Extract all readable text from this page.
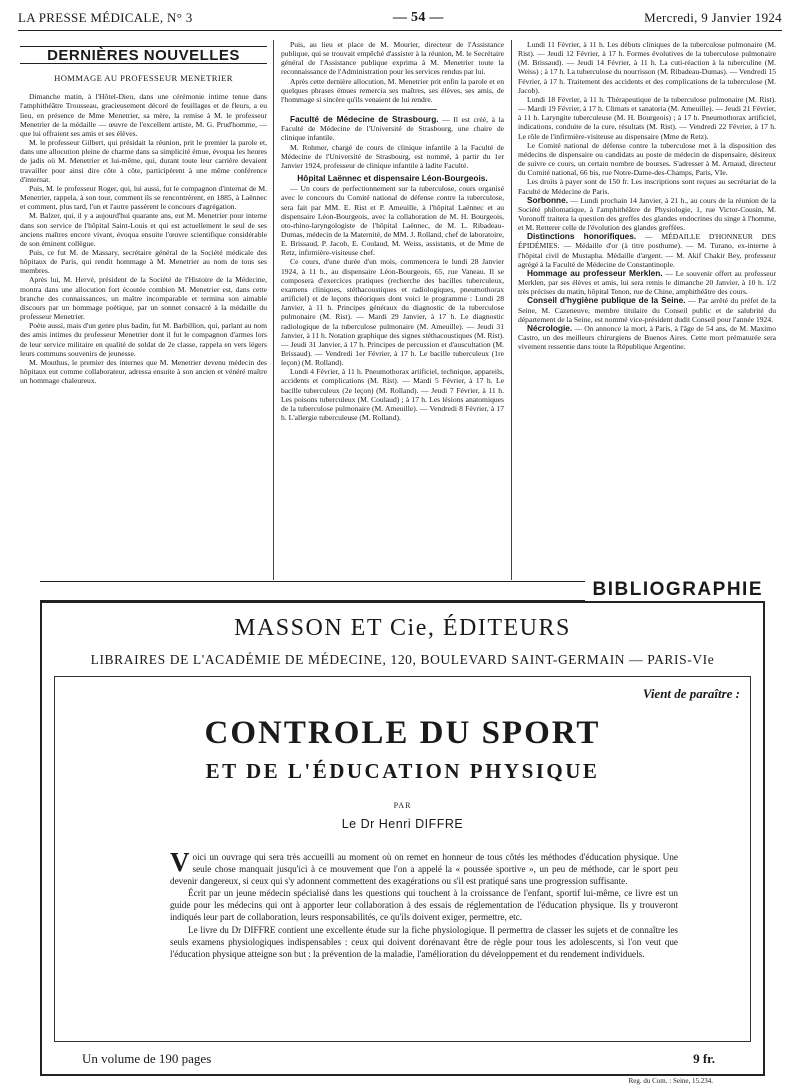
LA PRESSE MÉDICALE, N° 3	— 54 —	Mercredi, 9 Janvier 1924
DERNIÈRES NOUVELLES
HOMMAGE AU PROFESSEUR MENETRIER

Dimanche matin, à l'Hôtel-Dieu, dans une cérémonie intime tenue dans l'amphithéâtre Trousseau, gracieusement décoré de feuillages et de fleurs, a eu lieu, en présence de Mme Menetrier, sa mère, la remise à M. le professeur Menetrier de la médaille — œuvre de l'excellent artiste, M. G. Prud'homme, — que lui offraient ses amis et ses élèves.

M. le professeur Gilbert, qui présidait la réunion, prit le premier la parole et, dans une allocution pleine de charme dans sa simplicité émue, évoqua les heures de jadis où M. Menetrier et lui-même, qui, durant toute leur carrière devaient travailler pour ainsi dire côte à côte, participèrent à une même conférence d'internat.

Puis, M. le professeur Roger, qui, lui aussi, fut le compagnon d'internat de M. Menetrier, rappela, à son tour, comment ils se rencontrèrent, en 1885, à Laënnec et comment, plus tard, l'un et l'autre passèrent le concours d'agrégation.

M. Balzer, qui, il y a aujourd'hui quarante ans, eut M. Menetrier pour interne dans son service de l'hôpital Saint-Louis et qui est actuellement le seul de ses anciens maîtres encore vivant, évoqua ensuite l'œuvre scientifique considérable de son éminent collègue.

Puis, ce fut M. de Massary, secrétaire général de la Société médicale des hôpitaux de Paris, qui rendit hommage à M. Menetrier au nom de tous ses membres.

Après lui, M. Hervé, président de la Société de l'Histoire de la Médecine, montra dans une allocution fort écoutée combien M. Menetrier est, dans cette branche des connaissances, un maître incomparable et termina son aimable discours par un hommage poétique, par un sonnet consacré à la médaille du professeur Menetrier.

Poète aussi, mais d'un genre plus badin, fut M. Barbillion, qui, parlant au nom des amis intimes du professeur Menetrier dont il fut le compagnon d'armes lors de leur service militaire en qualité de soldat de 2e classe, rappela en vers légers leurs communs souvenirs de jeunesse.

M. Mouthus, le premier des internes que M. Menetrier devenu médecin des hôpitaux eut comme collaborateur, adressa ensuite à son ancien et vénéré maître un hommage chaleureux.

Puis, au lieu et place de M. Mourier, directeur de l'Assistance publique, qui se trouvait empêché d'assister à la réunion, M. le Secrétaire général de l'Assistance publique exprima à M. Menetrier toute la reconnaissance de l'Administration pour les services rendus par lui.

Après cette dernière allocution, M. Menetrier prit enfin la parole et en quelques phrases émues remercia ses maîtres, ses élèves, ses amis, de l'hommage si sincère qu'ils venaient de lui rendre.

Faculté de Médecine de Strasbourg. — Il est créé, à la Faculté de Médecine de l'Université de Strasbourg, une chaire de clinique infantile.

M. Rohmer, chargé de cours de clinique infantile à la Faculté de Médecine de l'Université de Strasbourg, est nommé, à partir du 1er Janvier 1924, professeur de clinique infantile à ladite Faculté.

Hôpital Laënnec et dispensaire Léon-Bourgeois.

— Un cours de perfectionnement sur la tuberculose, cours organisé avec le concours du Comité national de défense contre la tuberculose, sera fait par MM. E. Rist et P. Ameuille, à l'hôpital Laënnec et au dispensaire Léon-Bourgeois, avec la collaboration de M. H. Bourgeois, oto-rhino-laryngologiste de l'hôpital Laënnec, de M. L. Ribadeau-Dumas, médecin de la Maternité, de MM. J. Rolland, chef de laboratoire, E. Brissaud, P. Jacob, E. Coulaud, M. Weiss, assistants, et de Mme de Retz, infirmière-visiteuse chef.

Ce cours, d'une durée d'un mois, commencera le lundi 28 Janvier 1924, à 11 h., au dispensaire Léon-Bourgeois, 65, rue Vaneau. Il se composera d'exercices pratiques (recherche des bacilles tuberculeux, examens cliniques, stéthacoustiques et radiologiques, pneumothorax artificiel) et de leçons théoriques dont voici le programme : Lundi 28 Janvier, à 11 h. Principes généraux du diagnostic de la tuberculose pulmonaire (M. Rist). — Mardi 29 Janvier, à 17 h. Le diagnostic radiologique de la tuberculose pulmonaire (M. Ameuille). — Jeudi 31 Janvier, à 11 h. Notation graphique des signes stéthacoustiques (M. Rist). — Jeudi 31 Janvier, à 17 h. Principes de percussion et d'auscultation (M. Brissaud). — Vendredi 1er Février, à 17 h. Le bacille tuberculeux (1re leçon) (M. Rolland).

Lundi 4 Février, à 11 h. Pneumothorax artificiel, technique, appareils, accidents et complications (M. Rist). — Mardi 5 Février, à 17 h. Le bacille tuberculeux (2e leçon) (M. Rolland). — Jeudi 7 Février, à 11 h. Les poisons tuberculeux (M. Coulaud) ; à 17 h. Les lésions anatomiques de la tuberculose pulmonaire (M. Ameuille). — Vendredi 8 Février, à 17 h. L'allergie tuberculeuse (M. Rolland).

Lundi 11 Février, à 11 h. Les débuts cliniques de la tuberculose pulmonaire (M. Rist). — Jeudi 12 Février, à 17 h. Formes évolutives de la tuberculose pulmonaire (M. Brissaud). — Jeudi 14 Février, à 11 h. La cuti-réaction à la tuberculine (M. Weiss) ; à 17 h. La tuberculose du nourrisson (M. Ribadeau-Dumas). — Vendredi 15 Février, à 17 h. Traitement des accidents et des complications de la tuberculose (M. Jacob).

Lundi 18 Février, à 11 h. Thérapeutique de la tuberculose pulmonaire (M. Rist). — Mardi 19 Février, à 17 h. Climats et sanatoria (M. Ameuille). — Jeudi 21 Février, à 11 h. Laryngite tuberculeuse (M. H. Bourgeois) ; à 17 h. Pneumothorax artificiel, indications, conduite de la cure, résultats (M. Rist). — Vendredi 22 Février, à 17 h. Le rôle de l'infirmière-visiteuse au dispensaire (Mme de Retz).

Le Comité national de défense contre la tuberculose met à la disposition des médecins de dispensaire ou candidats au poste de médecin de dispensaire, désireux de suivre ce cours, un certain nombre de bourses. S'adresser à M. Arnaud, directeur du Comité national, 66 bis, rue Notre-Dame-des-Champs, Paris, VIe.

Les droits à payer sont de 150 fr. Les inscriptions sont reçues au secrétariat de la Faculté de Médecine de Paris.

Sorbonne. — Lundi prochain 14 Janvier, à 21 h., au cours de la réunion de la Société philomatique, à l'amphithéâtre de Physiologie, 1, rue Victor-Cousin, M. Voronoff traitera la question des greffes des glandes endocrines du singe à l'homme, et M. Retterer celle de l'évolution des glandes greffées.

Distinctions honorifiques. — MÉDAILLE D'HONNEUR DES ÉPIDÉMIES. — Médaille d'or (à titre posthume). — M. Turano, ex-interne à l'hôpital civil de Mustapha. Médaille d'argent. — M. Akif Chakir Bey, professeur agrégé à la Faculté de Médecine de Constantinople.

Hommage au professeur Merklen. — Le souvenir offert au professeur Merklen, par ses élèves et amis, lui sera remis le dimanche 20 Janvier, à 10 h. 1/2 très précises du matin, hôpital Tenon, rue de Chine, amphithéâtre des cours.

Conseil d'hygiène publique de la Seine. — Par arrêté du préfet de la Seine, M. Cazeneuve, membre titulaire du Conseil public et de salubrité du département de la Seine, est nommé vice-président dudit Conseil pour l'année 1924.

Nécrologie. — On annonce la mort, à Paris, à l'âge de 54 ans, de M. Maximo Castro, un des meilleurs chirurgiens de Buenos Aires. Cette mort prématurée sera vivement ressentie dans toute la République Argentine.

BIBLIOGRAPHIE
MASSON ET Cie, ÉDITEURS
LIBRAIRES DE L'ACADÉMIE DE MÉDECINE, 120, BOULEVARD SAINT-GERMAIN — PARIS-VIe
Vient de paraître :
CONTROLE DU SPORT
ET DE L'ÉDUCATION PHYSIQUE
PAR
Le Dr Henri DIFFRE

Voici un ouvrage qui sera très accueilli au moment où on remet en honneur de tous côtés les méthodes d'éducation physique. Une seule chose manquait jusqu'ici à ce mouvement que l'on a appelé la « poussée sportive », un peu de méthode, car le sport peu devenir dangereux, si ceux qui s'y adonnent commettent des exagérations ou s'il est pratiqué sans une progression suffisante.

Écrit par un jeune médecin spécialisé dans les questions qui touchent à la croissance de l'enfant, sportif lui-même, ce livre est un guide pour les médecins qui ont à apporter leur collaboration à des essais de réglementation de l'éducation physique. Ils y trouveront indiqués leur part de collaboration, leurs responsabilités, ce qu'ils doivent exiger, permettre, etc.

Le livre du Dr DIFFRE contient une excellente étude sur la fiche physiologique. Il permettra de classer les sujets et de connaître les seuls examens physiologiques indispensables : ceux qui doivent dorénavant être de règle pour tous les adolescents, si l'on veut que l'éducation physique atteigne son but : la prévention de la maladie, l'amélioration du développement et du rendement individuels.

Un volume de 190 pages	9 fr.
Reg. du Com. : Seine, 15.234.
